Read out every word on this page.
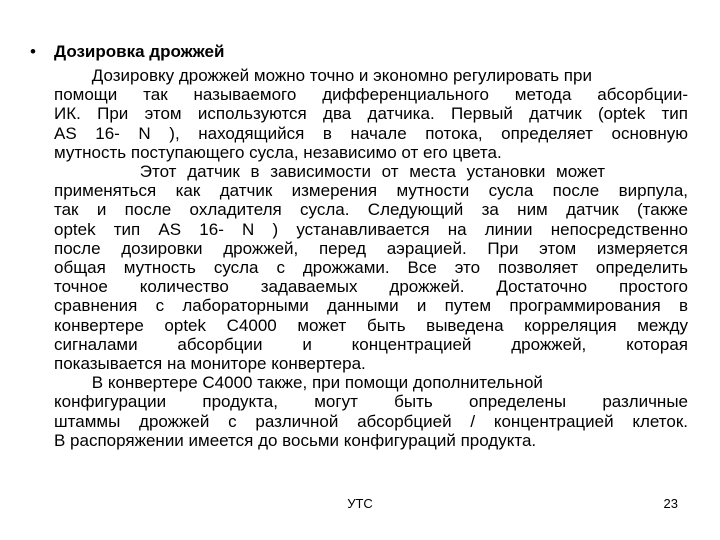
• Дозировка дрожжей
Дозировку дрожжей можно точно и экономно регулировать при
помощи так называемого дифференциального метода абсорбции-
ИК. При этом используются два датчика. Первый датчик (optek тип
AS 16- N ), находящийся в начале потока, определяет основную
мутность поступающего сусла, независимо от его цвета.
Этот датчик в зависимости от места установки может
применяться как датчик измерения мутности сусла после вирпула,
так и после охладителя сусла. Следующий за ним датчик (также
optek тип AS 16- N ) устанавливается на линии непосредственно
после дозировки дрожжей, перед аэрацией. При этом измеряется
общая мутность сусла с дрожжами. Все это позволяет определить
точное количество задаваемых дрожжей. Достаточно простого
сравнения с лабораторными данными и путем программирования в
конвертере optek C4000 может быть выведена корреляция между
сигналами абсорбции и концентрацией дрожжей, которая
показывается на мониторе конвертера.
В конвертере C4000 также, при помощи дополнительной
конфигурации продукта, могут быть определены различные
штаммы дрожжей с различной абсорбцией / концентрацией клеток.
В распоряжении имеется до восьми конфигураций продукта.
УТС	23
